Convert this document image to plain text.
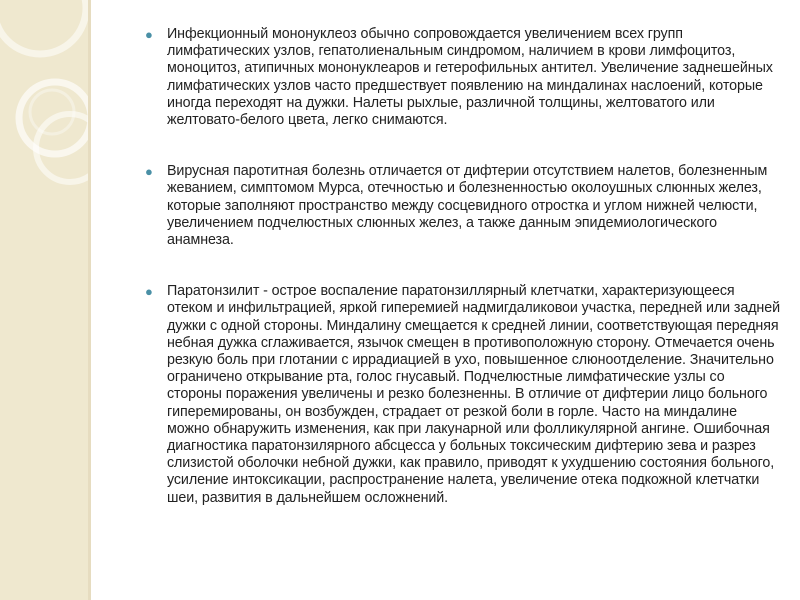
● Инфекционный мононуклеоз обычно сопровождается увеличением всех групп лимфатических узлов, гепатолиенальным синдромом, наличием в крови лимфоцитоз, моноцитоз, атипичных мононуклеаров и гетерофильных антител. Увеличение заднешейных лимфатических узлов часто предшествует появлению на миндалинах наслоений, которые иногда переходят на дужки. Налеты рыхлые, различной толщины, желтоватого или желтовато-белого цвета, легко снимаются.
● Вирусная паротитная болезнь отличается от дифтерии отсутствием налетов, болезненным жеванием, симптомом Мурса, отечностью и болезненностью околоушных слюнных желез, которые заполняют пространство между сосцевидного отростка и углом нижней челюсти, увеличением подчелюстных слюнных желез, а также данным эпидемиологического анамнеза.
● Паратонзилит - острое воспаление паратонзиллярный клетчатки, характеризующееся отеком и инфильтрацией, яркой гиперемией надмигдаликовои участка, передней или задней дужки с одной стороны. Миндалину смещается к средней линии, соответствующая передняя небная дужка сглаживается, язычок смещен в противоположную сторону. Отмечается очень резкую боль при глотании с иррадиацией в ухо, повышенное слюноотделение. Значительно ограничено открывание рта, голос гнусавый. Подчелюстные лимфатические узлы со стороны поражения увеличены и резко болезненны. В отличие от дифтерии лицо больного гиперемированы, он возбужден, страдает от резкой боли в горле. Часто на миндалине можно обнаружить изменения, как при лакунарной или фолликулярной ангине. Ошибочная диагностика паратонзилярного абсцесса у больных токсическим дифтерию зева и разрез слизистой оболочки небной дужки, как правило, приводят к ухудшению состояния больного, усиление интоксикации, распространение налета, увеличение отека подкожной клетчатки шеи, развития в дальнейшем осложнений.
